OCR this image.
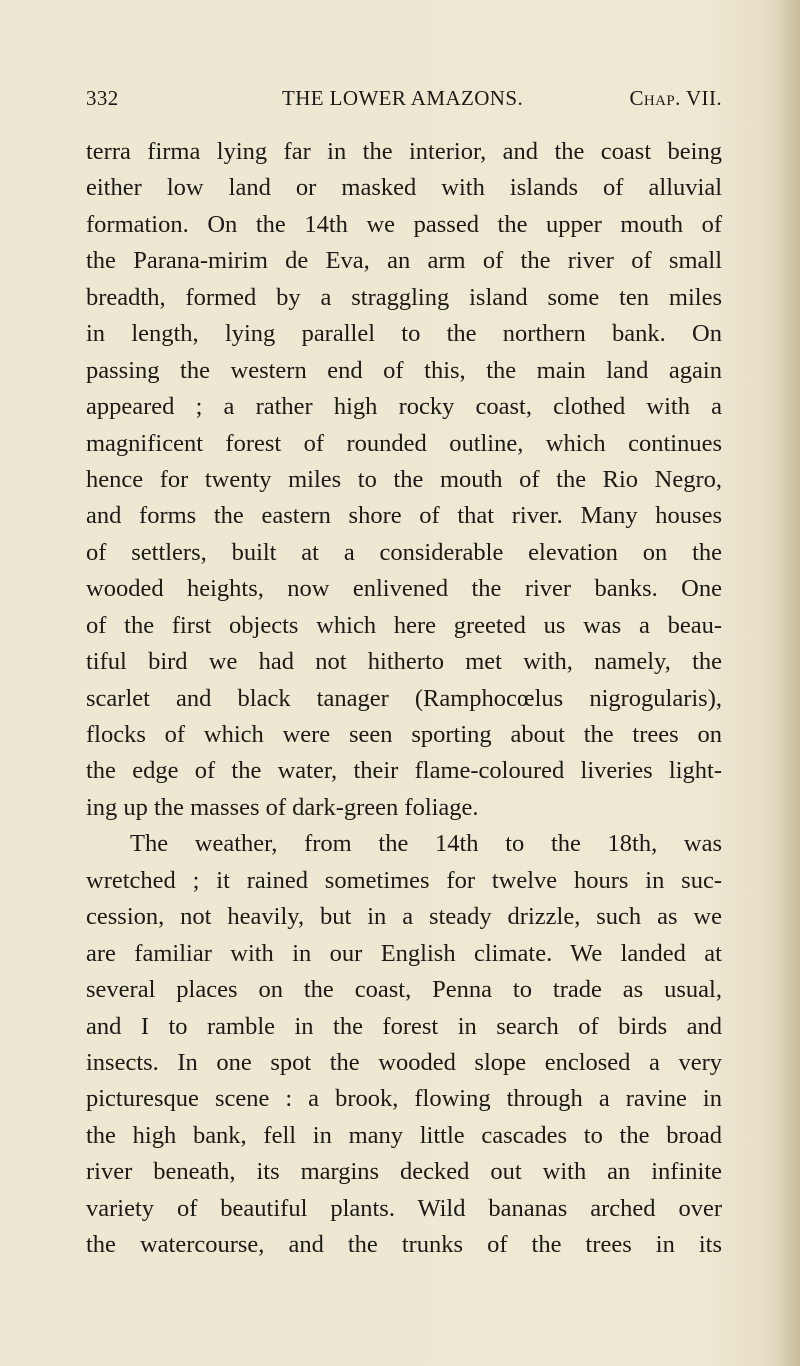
332	THE LOWER AMAZONS.	Chap. VII.
terra firma lying far in the interior, and the coast being
either low land or masked with islands of alluvial
formation. On the 14th we passed the upper mouth of
the Parana-mirim de Eva, an arm of the river of small
breadth, formed by a straggling island some ten miles
in length, lying parallel to the northern bank. On
passing the western end of this, the main land again
appeared ; a rather high rocky coast, clothed with a
magnificent forest of rounded outline, which continues
hence for twenty miles to the mouth of the Rio Negro,
and forms the eastern shore of that river. Many houses
of settlers, built at a considerable elevation on the
wooded heights, now enlivened the river banks. One
of the first objects which here greeted us was a beau-
tiful bird we had not hitherto met with, namely, the
scarlet and black tanager (Ramphocœlus nigrogularis),
flocks of which were seen sporting about the trees on
the edge of the water, their flame-coloured liveries light-
ing up the masses of dark-green foliage.
The weather, from the 14th to the 18th, was
wretched ; it rained sometimes for twelve hours in suc-
cession, not heavily, but in a steady drizzle, such as we
are familiar with in our English climate. We landed at
several places on the coast, Penna to trade as usual,
and I to ramble in the forest in search of birds and
insects. In one spot the wooded slope enclosed a very
picturesque scene : a brook, flowing through a ravine in
the high bank, fell in many little cascades to the broad
river beneath, its margins decked out with an infinite
variety of beautiful plants. Wild bananas arched over
the watercourse, and the trunks of the trees in its
